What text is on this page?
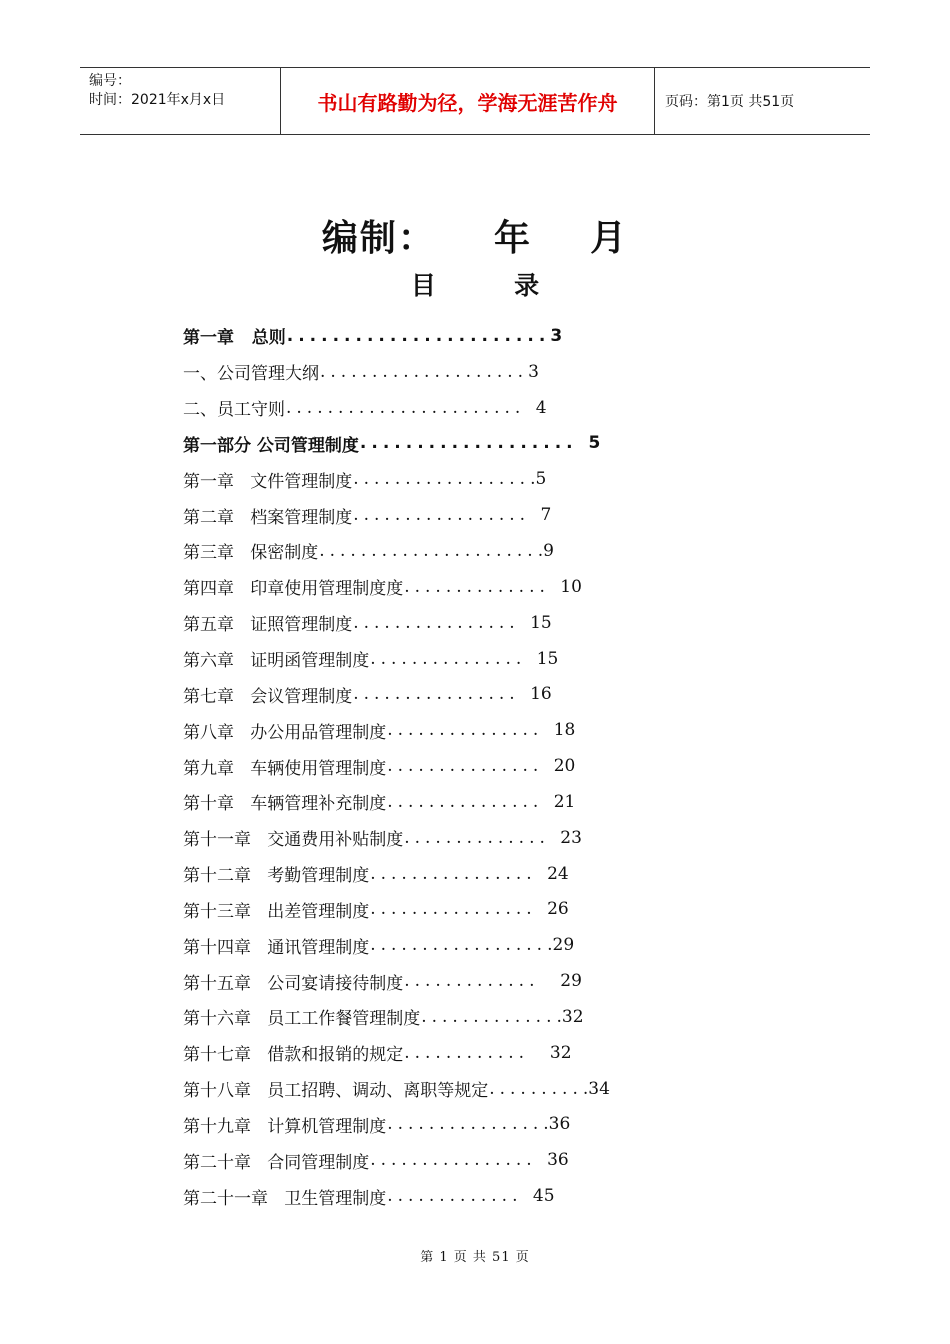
编号：
时间：2021年x月x日	书山有路勤为径，学海无涯苦作舟	页码：第1页 共51页
编制：    年    月
目         录
第一章   总则 ....................... 3
一、公司管理大纲 .................... 3
二、员工守则 ....................... 4
第一部分 公司管理制度 ................... 5
第一章   文件管理制度 ................. .5
第二章   档案管理制度 ................. 7
第三章   保密制度 ..................... .9
第四章   印章使用管理制度度 .............. 10
第五章   证照管理制度 ................ 15
第六章   证明函管理制度 ............... 15
第七章   会议管理制度 ................ 16
第八章   办公用品管理制度 ............... 18
第九章   车辆使用管理制度 ............... 20
第十章   车辆管理补充制度 ............... 21
第十一章   交通费用补贴制度 .............. 23
第十二章   考勤管理制度 ................ 24
第十三章   出差管理制度 ................ 26
第十四章   通讯管理制度 ................. .29
第十五章   公司宴请接待制度 ............. 29
第十六章   员工工作餐管理制度 ............. .32
第十七章   借款和报销的规定 ............ 32
第十八章   员工招聘、调动、离职等规定 ......... .34
第十九章   计算机管理制度 ............... .36
第二十章   合同管理制度 ................ 36
第二十一章   卫生管理制度 ............. 45
第 1 页 共 51 页
